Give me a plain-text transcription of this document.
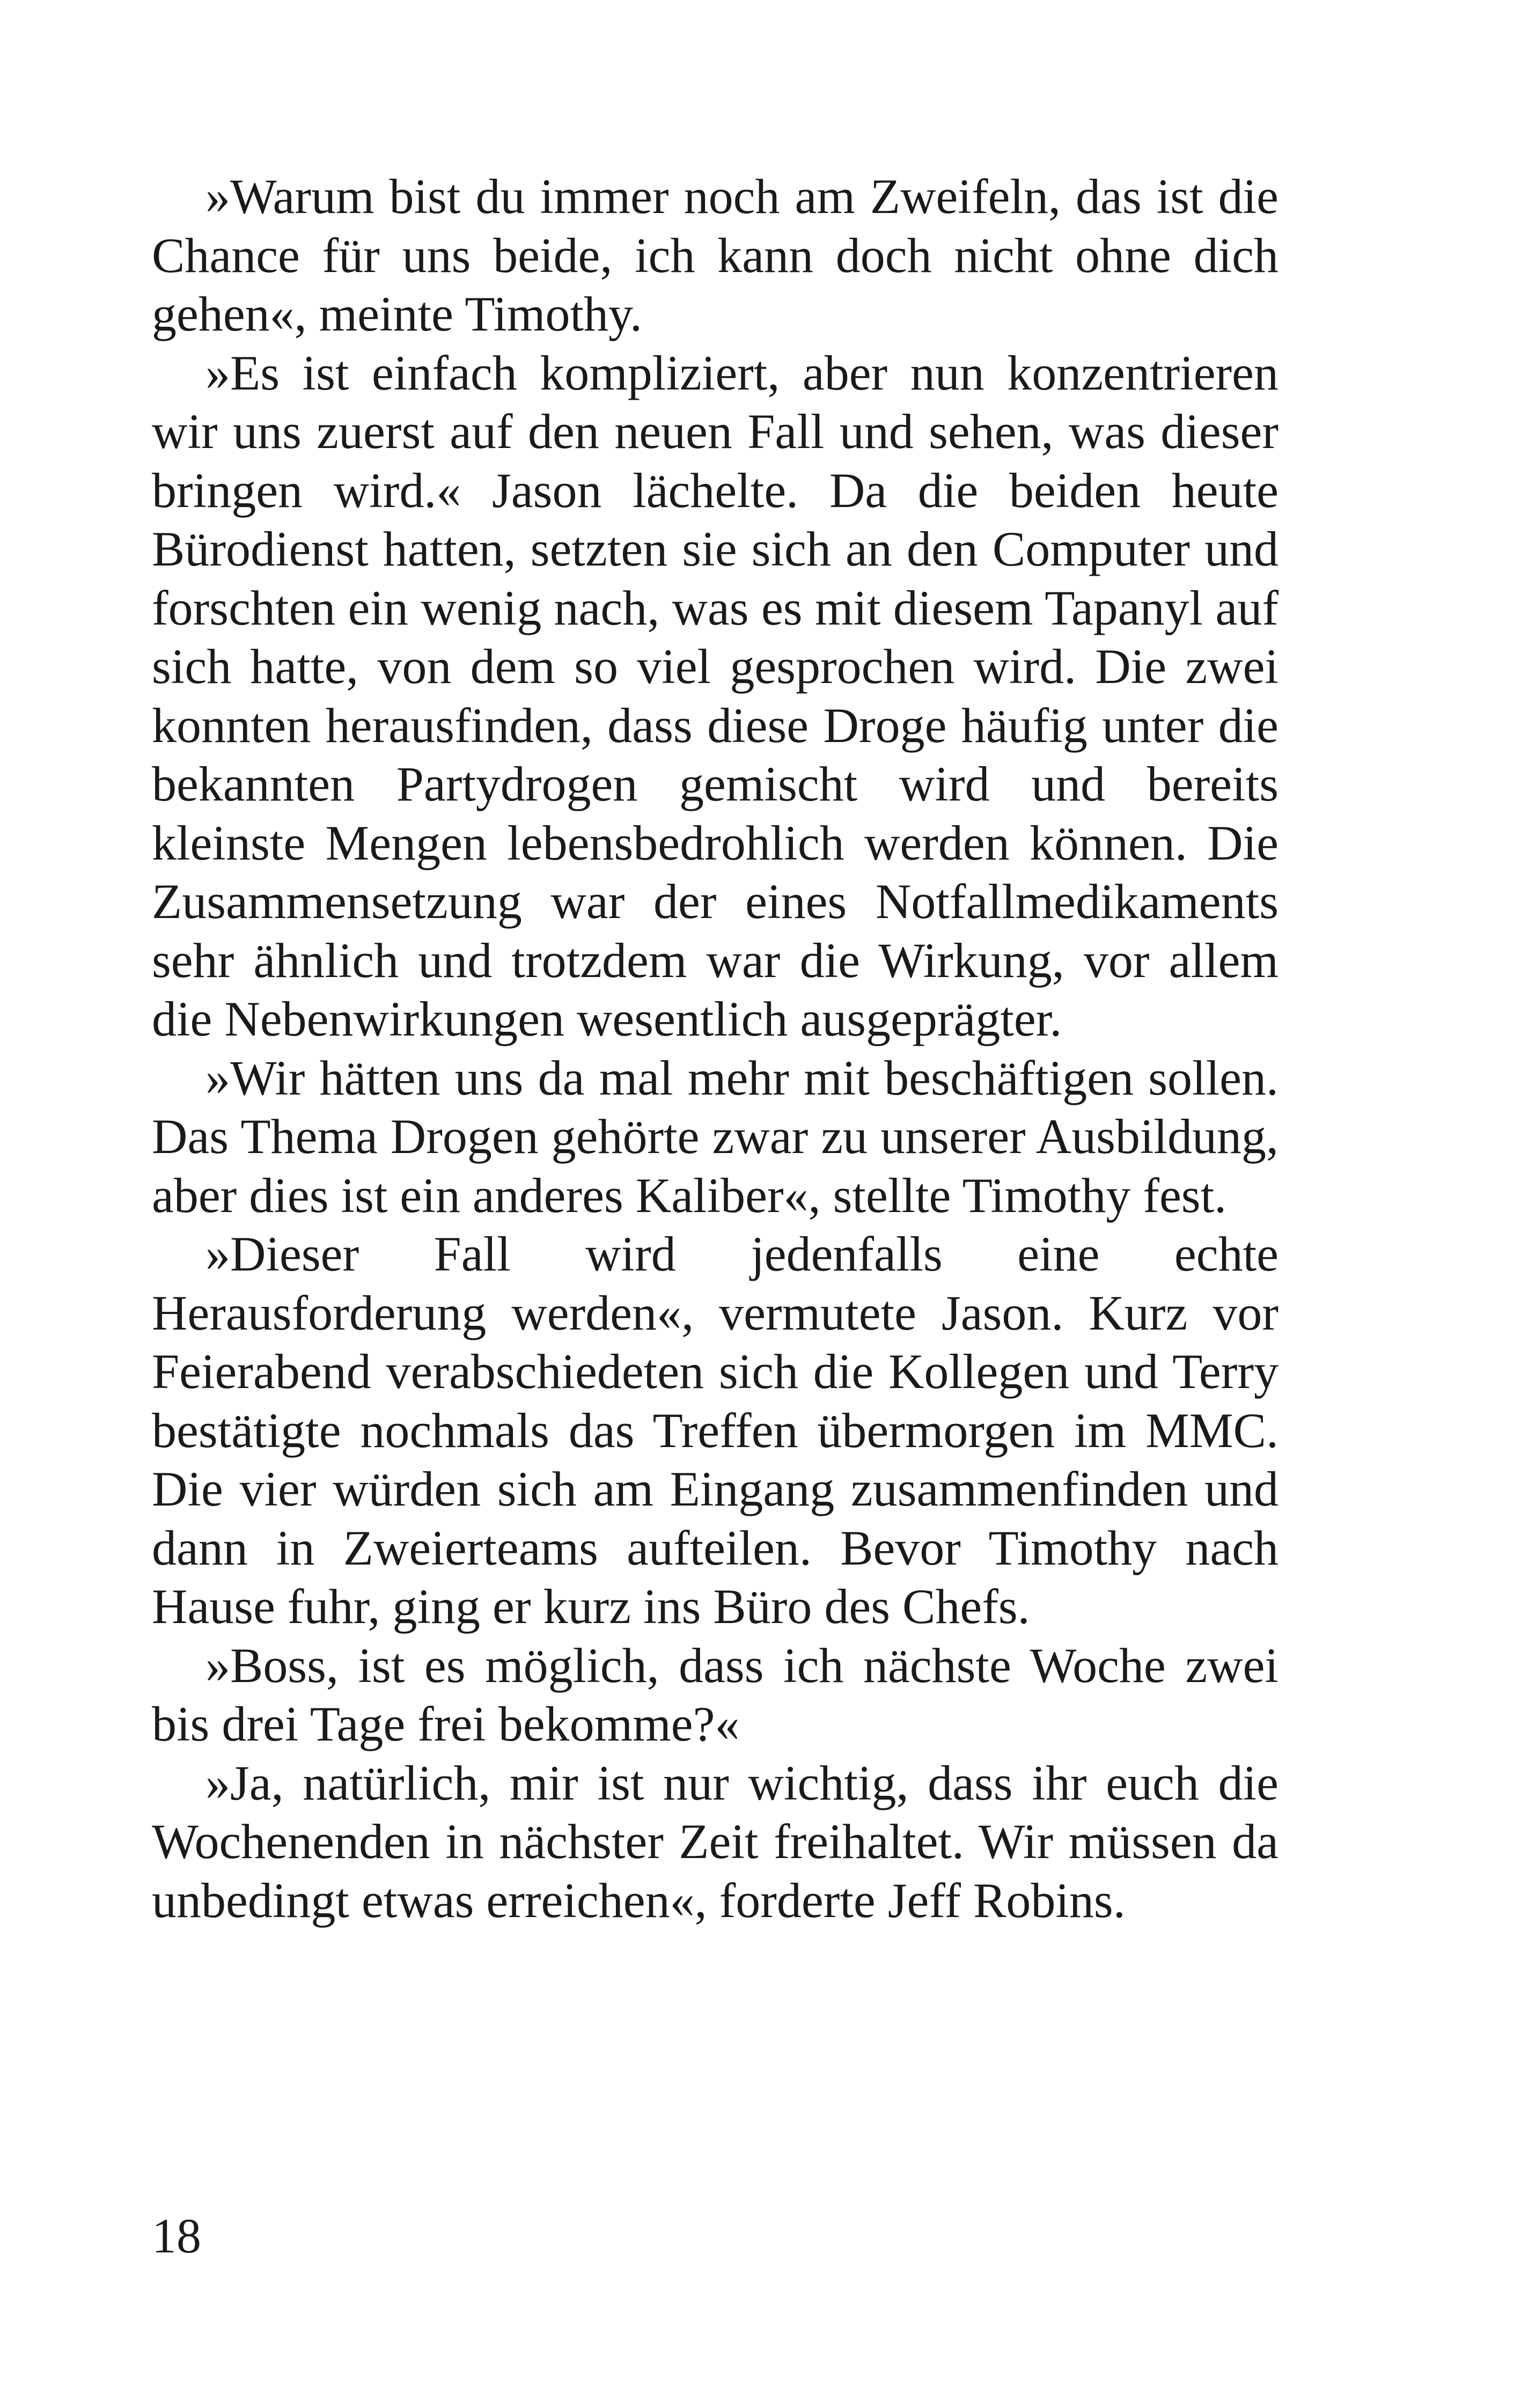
»Warum bist du immer noch am Zweifeln, das ist die Chance für uns beide, ich kann doch nicht ohne dich gehen«, meinte Timothy.

»Es ist einfach kompliziert, aber nun konzentrieren wir uns zuerst auf den neuen Fall und sehen, was dieser bringen wird.« Jason lächelte. Da die beiden heute Bürodienst hatten, setzten sie sich an den Computer und forschten ein wenig nach, was es mit diesem Tapanyl auf sich hatte, von dem so viel gesprochen wird. Die zwei konnten herausfinden, dass diese Droge häufig unter die bekannten Partydrogen gemischt wird und bereits kleinste Mengen lebensbedrohlich werden können. Die Zusammensetzung war der eines Notfallmedikaments sehr ähnlich und trotzdem war die Wirkung, vor allem die Nebenwirkungen wesentlich ausgeprägter.

»Wir hätten uns da mal mehr mit beschäftigen sollen. Das Thema Drogen gehörte zwar zu unserer Ausbildung, aber dies ist ein anderes Kaliber«, stellte Timothy fest.

»Dieser Fall wird jedenfalls eine echte Herausforderung werden«, vermutete Jason. Kurz vor Feierabend verabschiedeten sich die Kollegen und Terry bestätigte nochmals das Treffen übermorgen im MMC. Die vier würden sich am Eingang zusammenfinden und dann in Zweierteams aufteilen. Bevor Timothy nach Hause fuhr, ging er kurz ins Büro des Chefs.

»Boss, ist es möglich, dass ich nächste Woche zwei bis drei Tage frei bekomme?«

»Ja, natürlich, mir ist nur wichtig, dass ihr euch die Wochenenden in nächster Zeit freihaltet. Wir müssen da unbedingt etwas erreichen«, forderte Jeff Robins.

18
